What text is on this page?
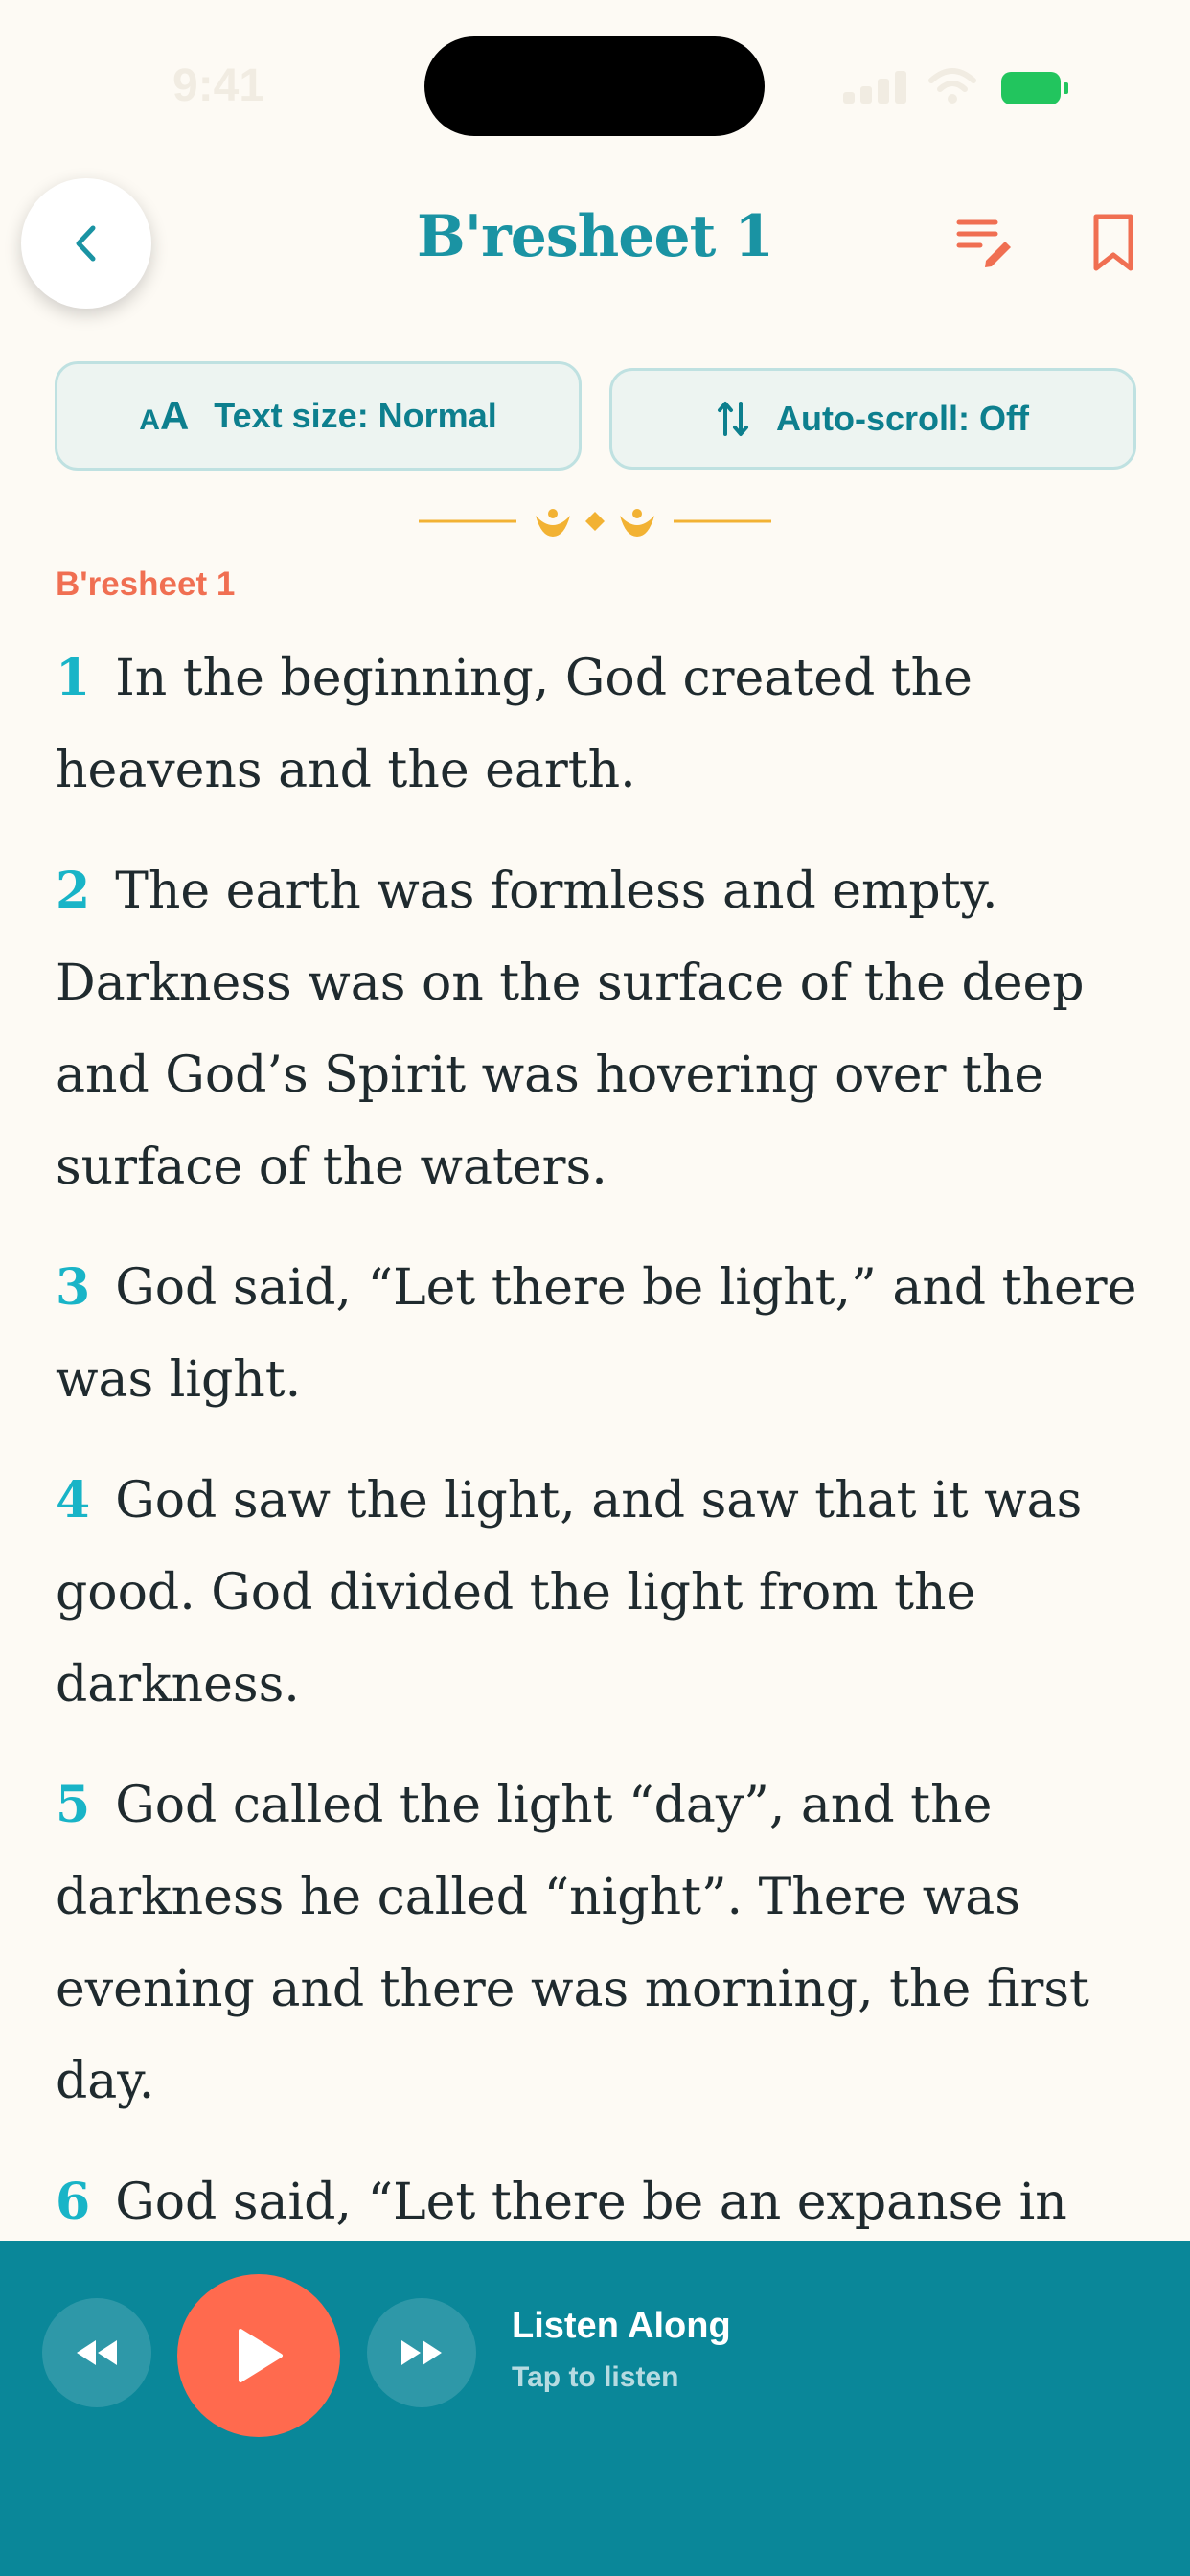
9:41
B'resheet 1
AA Text size: Normal	Auto-scroll: Off
B'resheet 1

1 In the beginning, God created the heavens and the earth.

2 The earth was formless and empty. Darkness was on the surface of the deep and God’s Spirit was hovering over the surface of the waters.

3 God said, “Let there be light,” and there was light.

4 God saw the light, and saw that it was good. God divided the light from the darkness.

5 God called the light “day”, and the darkness he called “night”. There was evening and there was morning, the first day.

6 God said, “Let there be an expanse in

Listen Along
Tap to listen
